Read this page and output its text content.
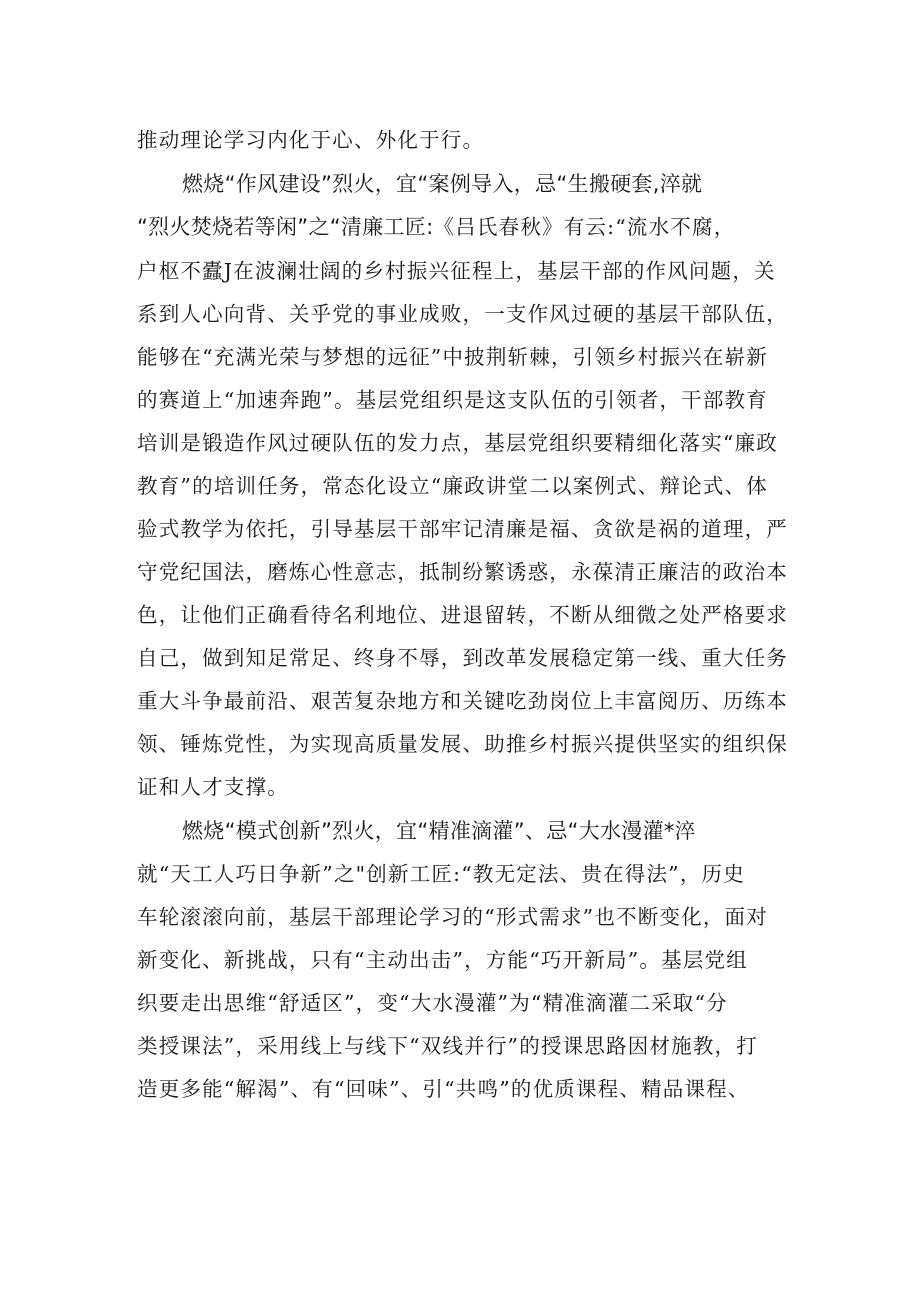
推动理论学习内化于心、外化于行。
燃烧“作风建设”烈火，宜“案例导入，忌“生搬硬套,淬就
“烈火焚烧若等闲”之“清廉工匠:《吕氏春秋》有云:“流水不腐，
户枢不蠹J在波澜壮阔的乡村振兴征程上，基层干部的作风问题，关
系到人心向背、关乎党的事业成败，一支作风过硬的基层干部队伍，
能够在“充满光荣与梦想的远征”中披荆斩棘，引领乡村振兴在崭新
的赛道上“加速奔跑”。基层党组织是这支队伍的引领者，干部教育
培训是锻造作风过硬队伍的发力点，基层党组织要精细化落实“廉政
教育”的培训任务，常态化设立“廉政讲堂二以案例式、辩论式、体
验式教学为依托，引导基层干部牢记清廉是福、贪欲是祸的道理，严
守党纪国法，磨炼心性意志，抵制纷繁诱惑，永葆清正廉洁的政治本
色，让他们正确看待名利地位、进退留转，不断从细微之处严格要求
自己，做到知足常足、终身不辱，到改革发展稳定第一线、重大任务
重大斗争最前沿、艰苦复杂地方和关键吃劲岗位上丰富阅历、历练本
领、锤炼党性，为实现高质量发展、助推乡村振兴提供坚实的组织保
证和人才支撑。
燃烧“模式创新”烈火，宜“精准滴灌”、忌“大水漫灌*淬
就“天工人巧日争新”之"创新工匠:“教无定法、贵在得法”，历史
车轮滚滚向前，基层干部理论学习的“形式需求”也不断变化，面对
新变化、新挑战，只有“主动出击”，方能“巧开新局”。基层党组
织要走出思维“舒适区”，变“大水漫灌”为“精准滴灌二采取“分
类授课法”，采用线上与线下“双线并行”的授课思路因材施教，打
造更多能“解渴”、有“回味”、引“共鸣”的优质课程、精品课程、
